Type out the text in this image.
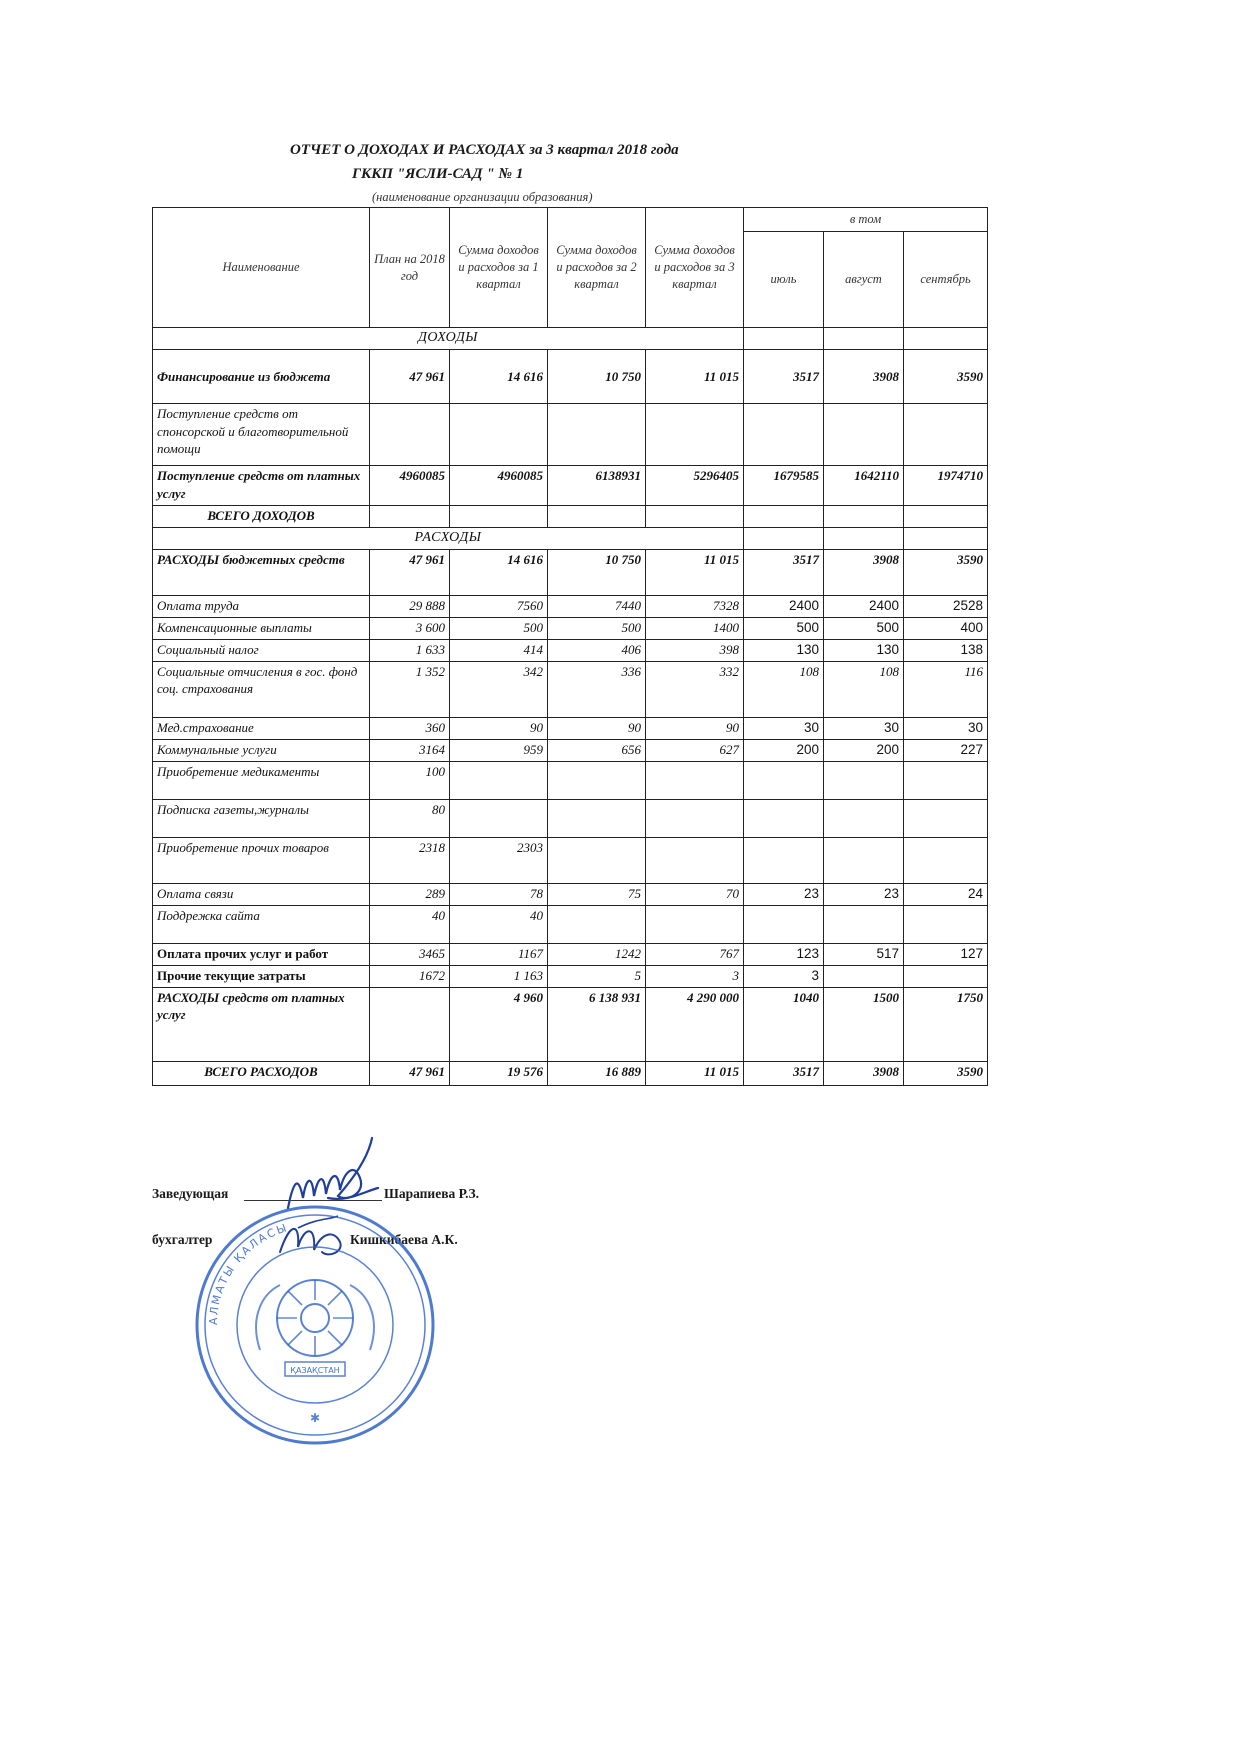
ОТЧЕТ О ДОХОДАХ И РАСХОДАХ за 3 квартал 2018 года
ГККП "ЯСЛИ-САД " № 1
(наименование организации образования)
Наименование	План на 2018 год	Сумма доходов и расходов за 1 квартал	Сумма доходов и расходов за 2 квартал	Сумма доходов и расходов за 3 квартал	в том		
					июль	август	сентябрь
ДОХОДЫ							
Финансирование из бюджета	47 961	14 616	10 750	11 015	3517	3908	3590
Поступление средств от спонсорской и благотворительной помощи							
Поступление средств от платных услуг	4960085	4960085	6138931	5296405	1679585	1642110	1974710
ВСЕГО ДОХОДОВ							
РАСХОДЫ							
РАСХОДЫ бюджетных средств	47 961	14 616	10 750	11 015	3517	3908	3590
Оплата труда	29 888	7560	7440	7328	2400	2400	2528
Компенсационные выплаты	3 600	500	500	1400	500	500	400
Социальный налог	1 633	414	406	398	130	130	138
Социальные отчисления в гос. фонд соц. страхования	1 352	342	336	332	108	108	116
Мед.страхование	360	90	90	90	30	30	30
Коммунальные услуги	3164	959	656	627	200	200	227
Приобретение медикаменты	100						
Подписка газеты,журналы	80						
Приобретение прочих товаров	2318	2303					
Оплата связи	289	78	75	70	23	23	24
Поддрежка сайта	40	40					
Оплата прочих услуг и работ	3465	1167	1242	767	123	517	127
Прочие текущие затраты	1672	1 163	5	3	3		
РАСХОДЫ средств от платных услуг		4 960	6 138 931	4 290 000	1040	1500	1750
ВСЕГО РАСХОДОВ	47 961	19 576	16 889	11 015	3517	3908	3590
Заведующая	Шарапиева Р.З.
бухгалтер	Кишкибаева А.К.
АЛМАТЫ ҚАЛАСЫ
ҚАЗАҚСТАН
✱
